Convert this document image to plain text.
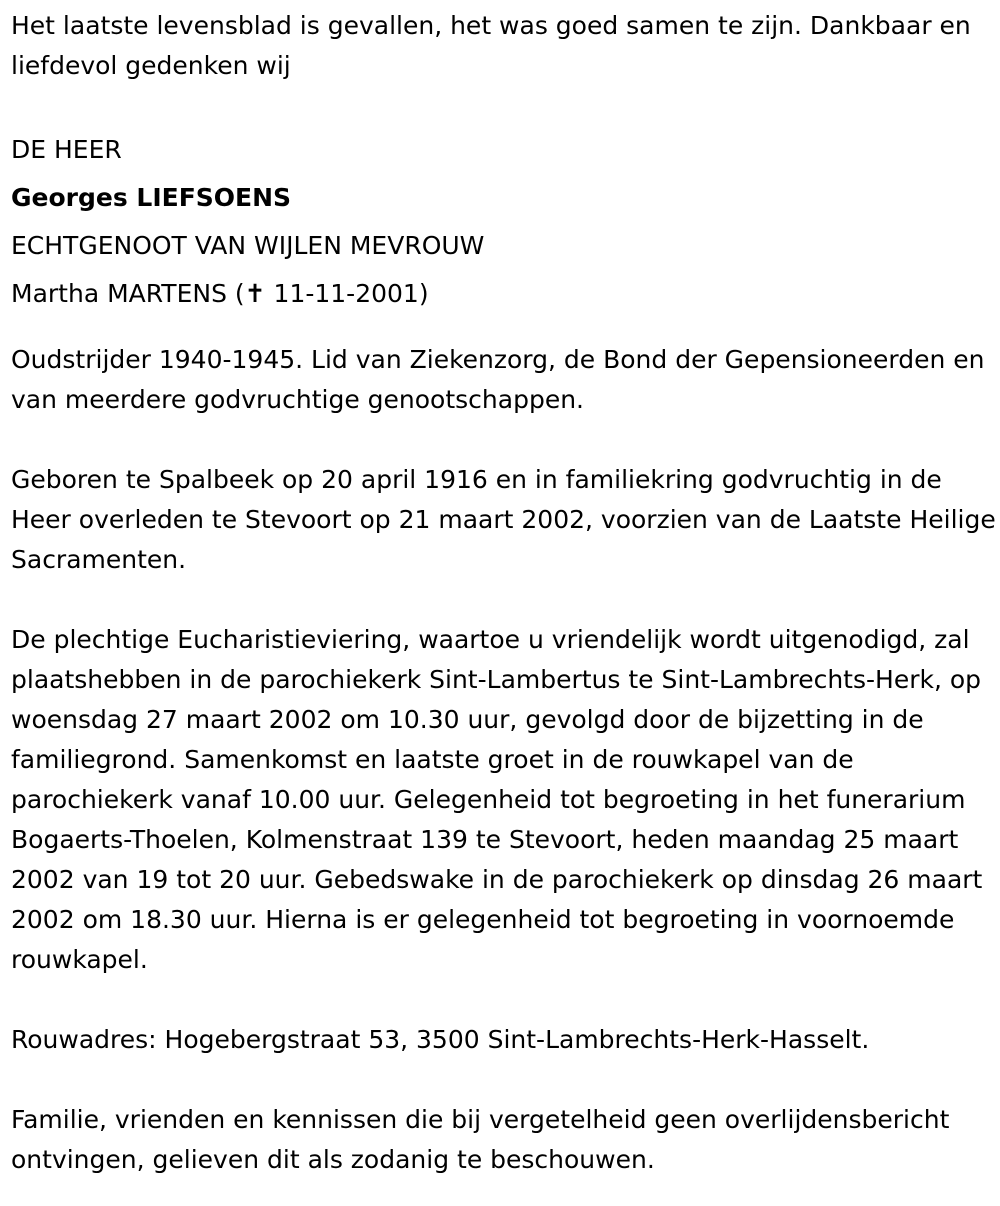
Het laatste levensblad is gevallen, het was goed samen te zijn. Dankbaar en liefdevol gedenken wij

DE HEER

Georges LIEFSOENS

ECHTGENOOT VAN WIJLEN MEVROUW

Martha MARTENS (✝ 11-11-2001)

Oudstrijder 1940-1945. Lid van Ziekenzorg, de Bond der Gepensioneerden en van meerdere godvruchtige genootschappen.

Geboren te Spalbeek op 20 april 1916 en in familiekring godvruchtig in de Heer overleden te Stevoort op 21 maart 2002, voorzien van de Laatste Heilige Sacramenten.

De plechtige Eucharistieviering, waartoe u vriendelijk wordt uitgenodigd, zal plaatshebben in de parochiekerk Sint-Lambertus te Sint-Lambrechts-Herk, op woensdag 27 maart 2002 om 10.30 uur, gevolgd door de bijzetting in de familiegrond. Samenkomst en laatste groet in de rouwkapel van de parochiekerk vanaf 10.00 uur. Gelegenheid tot begroeting in het funerarium Bogaerts-Thoelen, Kolmenstraat 139 te Stevoort, heden maandag 25 maart 2002 van 19 tot 20 uur. Gebedswake in de parochiekerk op dinsdag 26 maart 2002 om 18.30 uur. Hierna is er gelegenheid tot begroeting in voornoemde rouwkapel.

Rouwadres: Hogebergstraat 53, 3500 Sint-Lambrechts-Herk-Hasselt.

Familie, vrienden en kennissen die bij vergetelheid geen overlijdensbericht ontvingen, gelieven dit als zodanig te beschouwen.
